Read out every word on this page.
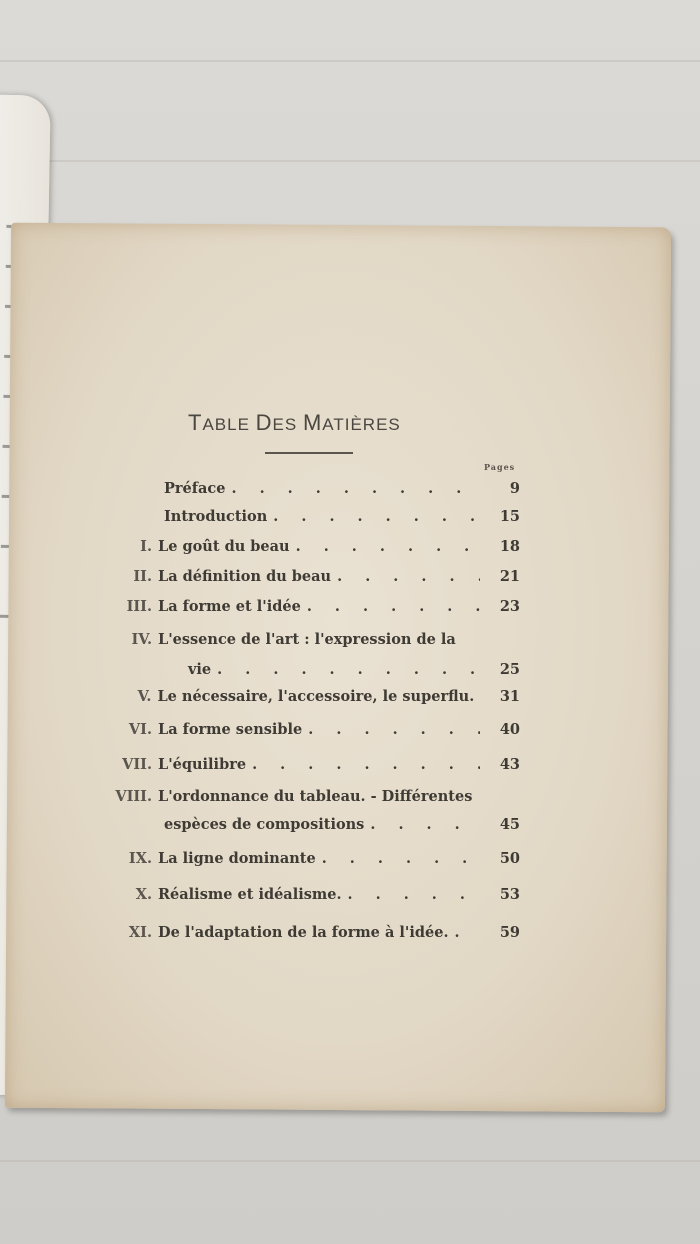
TABLE DES MATIÈRES
Pages
Préface . . .	9
Introduction . . .	15
I. Le goût du beau . . .	18
II. La définition du beau . . .	21
III. La forme et l'idée . . .	23
IV. L'essence de l'art : l'expression de la
vie . . .	25
V. Le nécessaire, l'accessoire, le superflu. . . .	31
VI. La forme sensible . . .	40
VII. L'équilibre . . .	43
VIII. L'ordonnance du tableau. - Différentes
espèces de compositions . . .	45
IX. La ligne dominante . . .	50
X. Réalisme et idéalisme. . . .	53
XI. De l'adaptation de la forme à l'idée. . . .	59
